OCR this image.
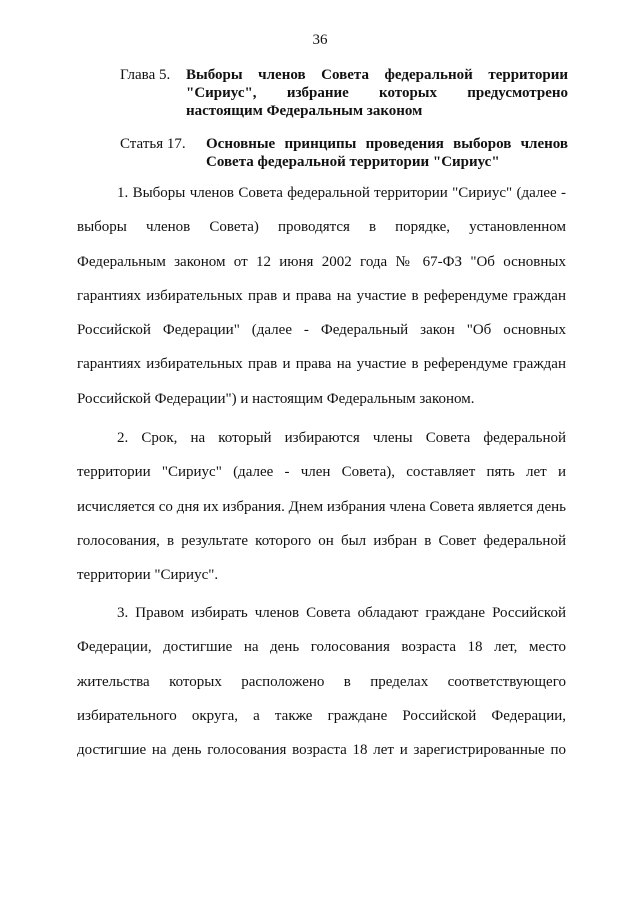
36
Глава 5.	Выборы членов Совета федеральной территории "Сириус", избрание которых предусмотрено настоящим Федеральным законом
Статья 17.	Основные принципы проведения выборов членов Совета федеральной территории "Сириус"

1. Выборы членов Совета федеральной территории "Сириус" (далее - выборы членов Совета) проводятся в порядке, установленном Федеральным законом от 12 июня 2002 года № 67-ФЗ "Об основных гарантиях избирательных прав и права на участие в референдуме граждан Российской Федерации" (далее - Федеральный закон "Об основных гарантиях избирательных прав и права на участие в референдуме граждан Российской Федерации") и настоящим Федеральным законом.

2. Срок, на который избираются члены Совета федеральной территории "Сириус" (далее - член Совета), составляет пять лет и исчисляется со дня их избрания. Днем избрания члена Совета является день голосования, в результате которого он был избран в Совет федеральной территории "Сириус".

3. Правом избирать членов Совета обладают граждане Российской Федерации, достигшие на день голосования возраста 18 лет, место жительства которых расположено в пределах соответствующего избирательного округа, а также граждане Российской Федерации, достигшие на день голосования возраста 18 лет и зарегистрированные по
